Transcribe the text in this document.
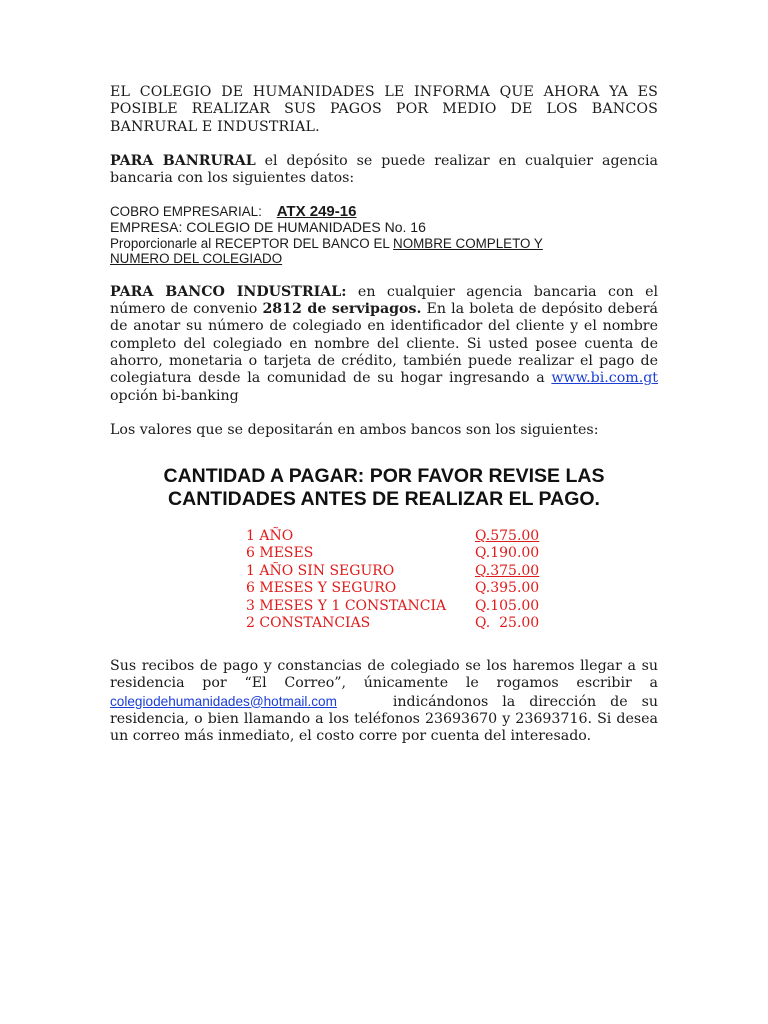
EL COLEGIO DE HUMANIDADES LE INFORMA QUE AHORA YA ES POSIBLE REALIZAR SUS PAGOS POR MEDIO DE LOS BANCOS BANRURAL E INDUSTRIAL.

PARA BANRURAL el depósito se puede realizar en cualquier agencia bancaria con los siguientes datos:

COBRO EMPRESARIAL: ATX 249-16
EMPRESA: COLEGIO DE HUMANIDADES No. 16
Proporcionarle al RECEPTOR DEL BANCO EL NOMBRE COMPLETO Y
NUMERO DEL COLEGIADO

PARA BANCO INDUSTRIAL: en cualquier agencia bancaria con el número de convenio 2812 de servipagos. En la boleta de depósito deberá de anotar su número de colegiado en identificador del cliente y el nombre completo del colegiado en nombre del cliente. Si usted posee cuenta de ahorro, monetaria o tarjeta de crédito, también puede realizar el pago de colegiatura desde la comunidad de su hogar ingresando a www.bi.com.gt opción bi-banking

Los valores que se depositarán en ambos bancos son los siguientes:

CANTIDAD A PAGAR: POR FAVOR REVISE LAS

CANTIDADES ANTES DE REALIZAR EL PAGO.

1 AÑO	Q.575.00
6 MESES	Q.190.00
1 AÑO SIN SEGURO	Q.375.00
6 MESES Y SEGURO	Q.395.00
3 MESES Y 1 CONSTANCIA	Q.105.00
2 CONSTANCIAS	Q.  25.00

Sus recibos de pago y constancias de colegiado se los haremos llegar a su residencia por “El Correo”, únicamente le rogamos escribir a colegiodehumanidades@hotmail.com    indicándonos la dirección de su residencia, o bien llamando a los teléfonos 23693670 y 23693716. Si desea un correo más inmediato, el costo corre por cuenta del interesado.
